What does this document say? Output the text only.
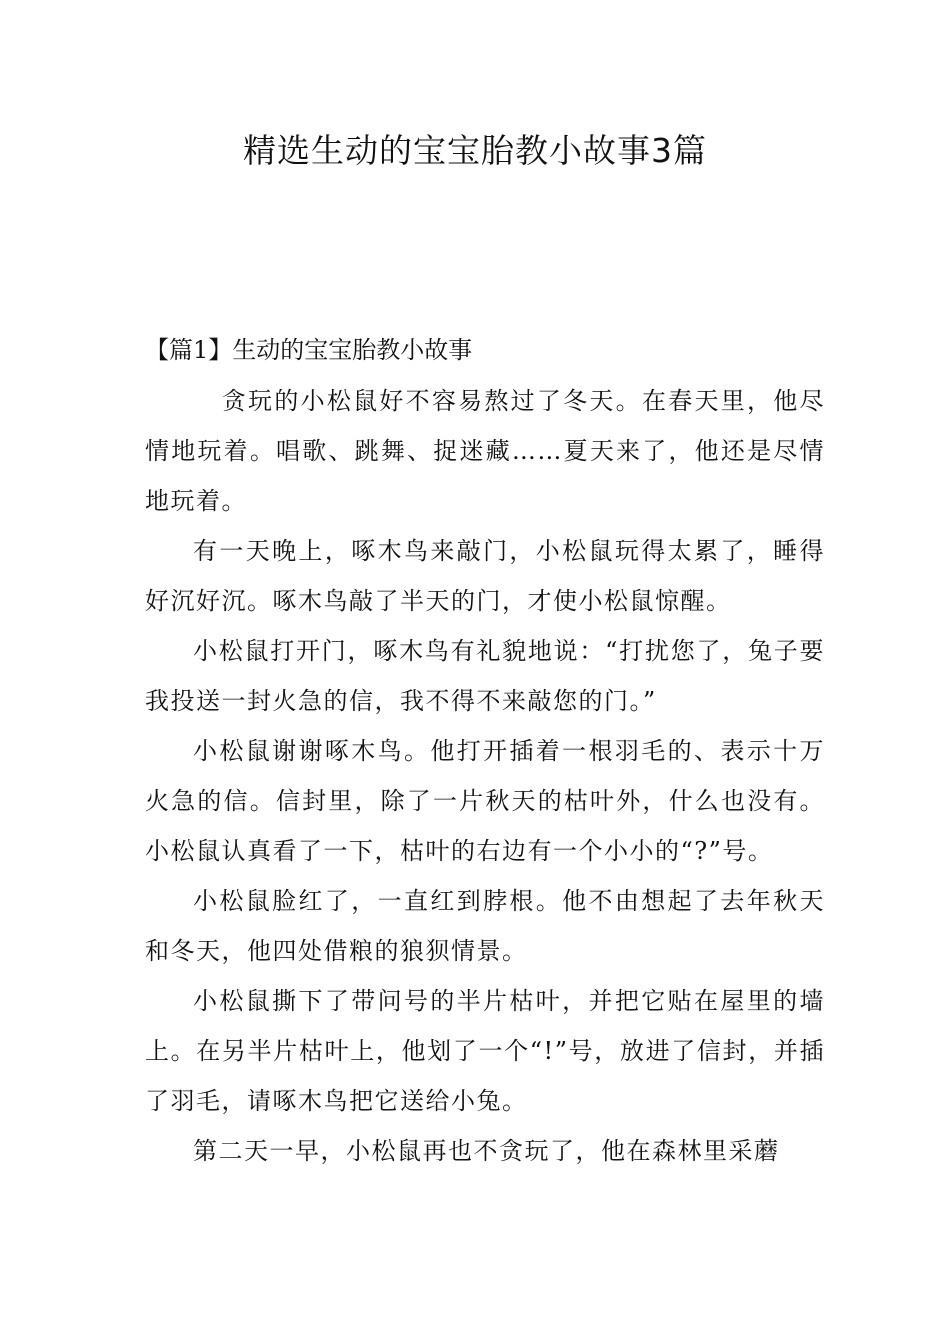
精选生动的宝宝胎教小故事3篇
【篇1】生动的宝宝胎教小故事

贪玩的小松鼠好不容易熬过了冬天。在春天里，他尽情地玩着。唱歌、跳舞、捉迷藏……夏天来了，他还是尽情地玩着。

有一天晚上，啄木鸟来敲门，小松鼠玩得太累了，睡得好沉好沉。啄木鸟敲了半天的门，才使小松鼠惊醒。

小松鼠打开门，啄木鸟有礼貌地说：“打扰您了，兔子要我投送一封火急的信，我不得不来敲您的门。”

小松鼠谢谢啄木鸟。他打开插着一根羽毛的、表示十万火急的信。信封里，除了一片秋天的枯叶外，什么也没有。小松鼠认真看了一下，枯叶的右边有一个小小的“?”号。

小松鼠脸红了，一直红到脖根。他不由想起了去年秋天和冬天，他四处借粮的狼狈情景。

小松鼠撕下了带问号的半片枯叶，并把它贴在屋里的墙上。在另半片枯叶上，他划了一个“!”号，放进了信封，并插了羽毛，请啄木鸟把它送给小兔。

第二天一早，小松鼠再也不贪玩了，他在森林里采蘑
